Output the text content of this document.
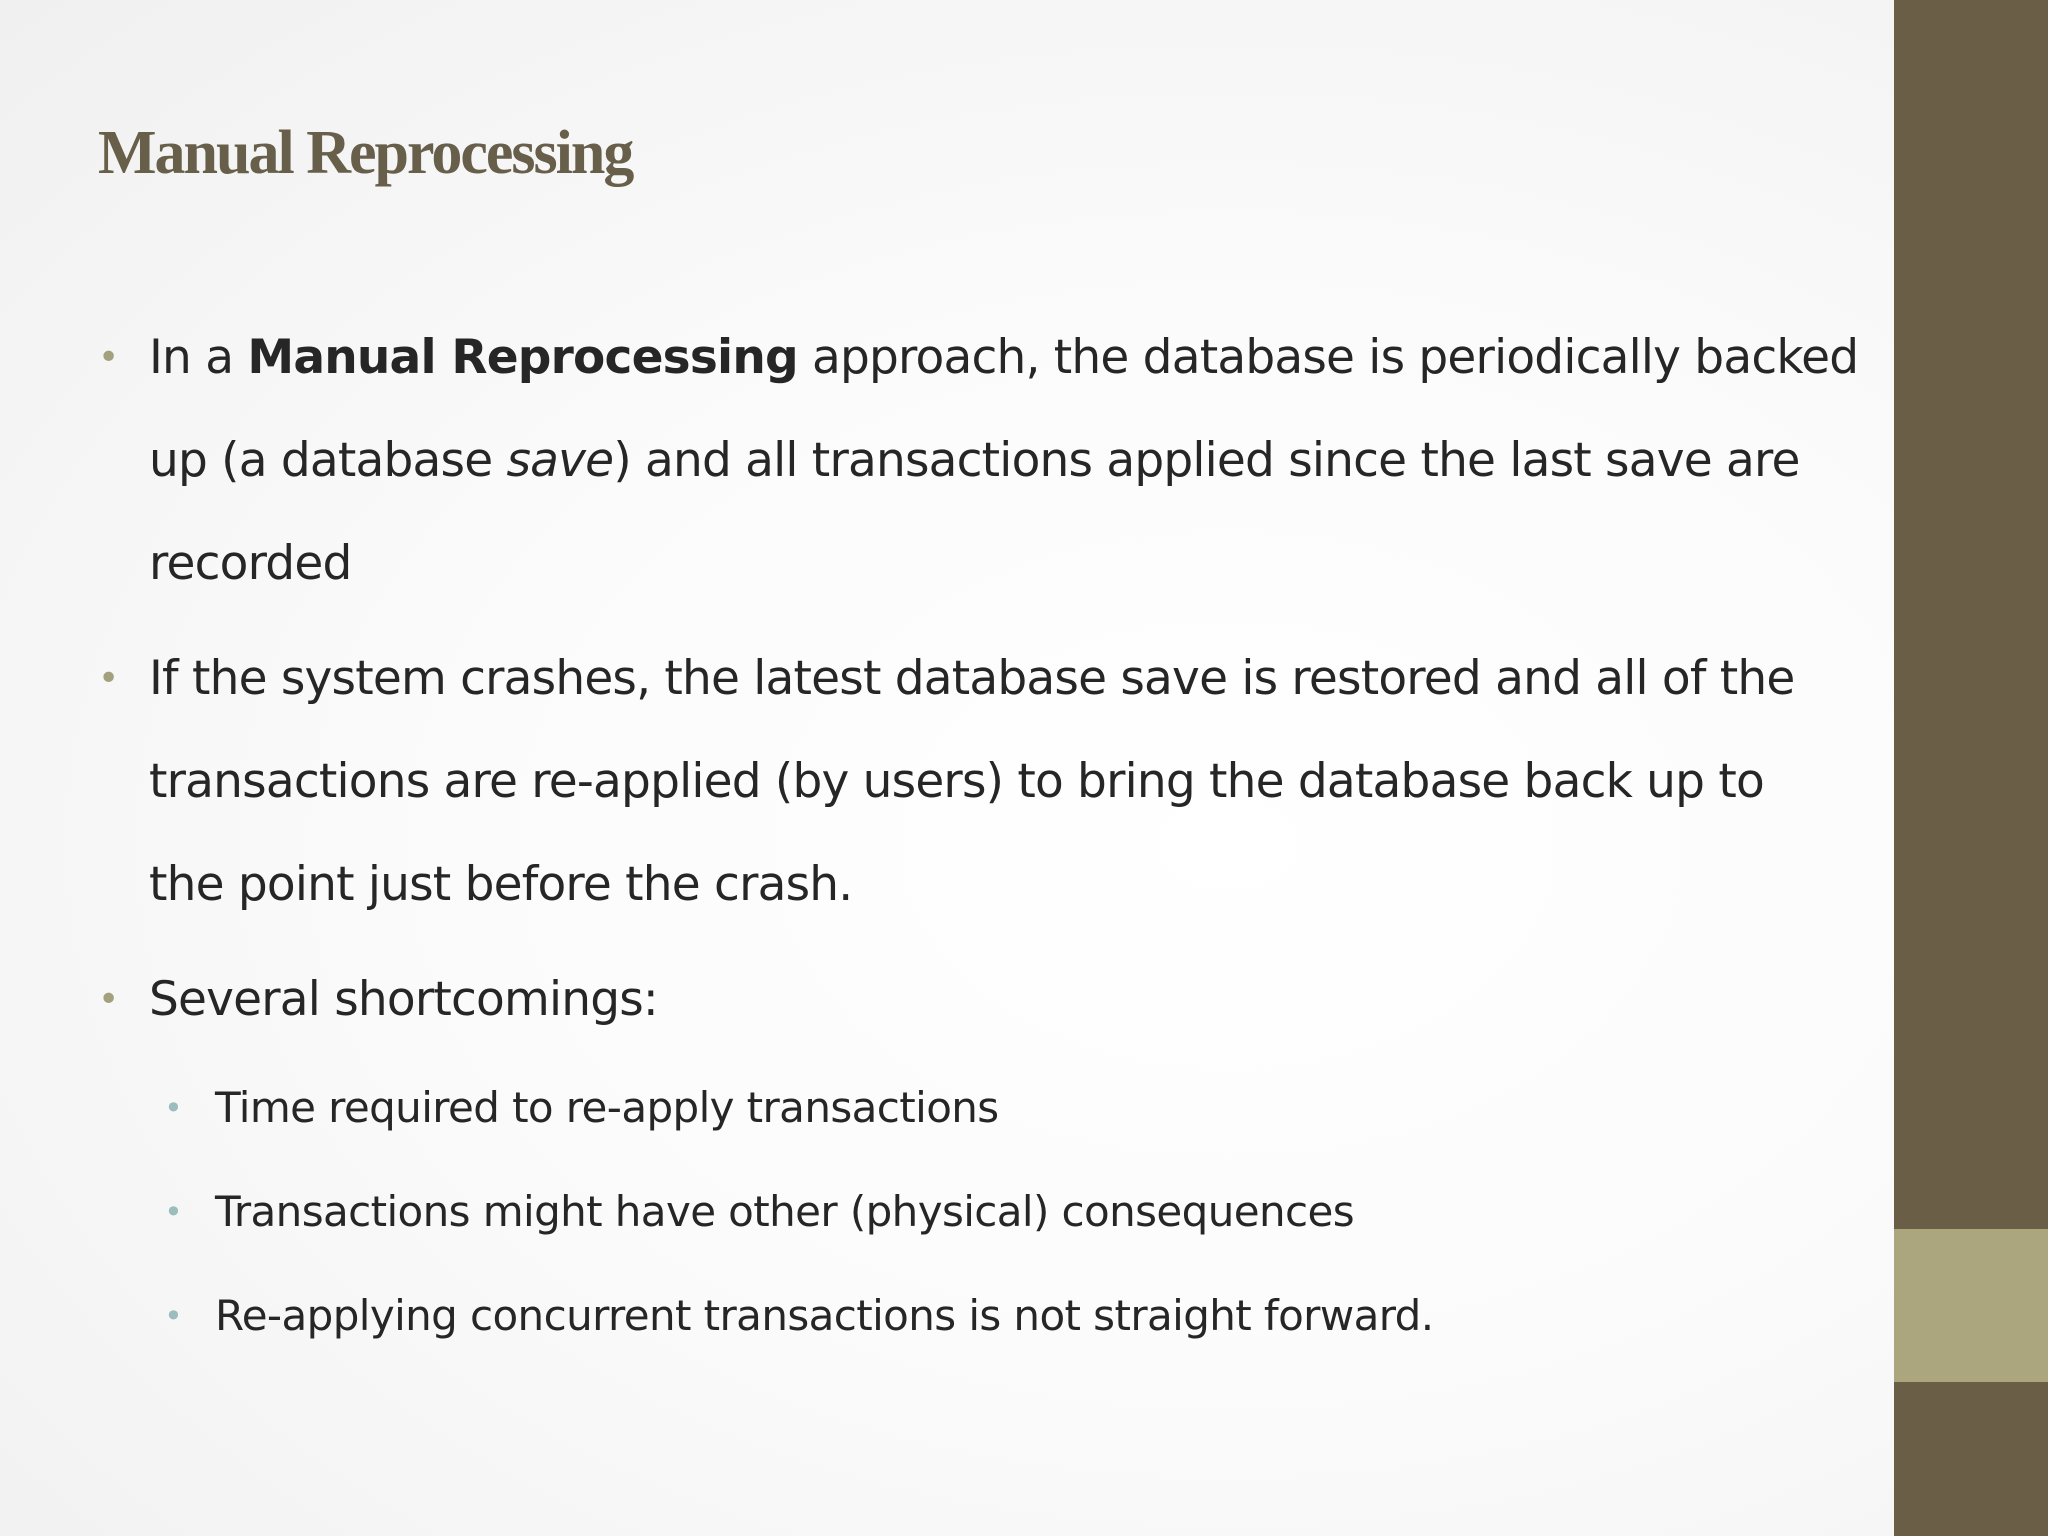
Manual Reprocessing
• In a Manual Reprocessing approach, the database is periodically backed
up (a database save) and all transactions applied since the last save are
recorded

• If the system crashes, the latest database save is restored and all of the
transactions are re-applied (by users) to bring the database back up to
the point just before the crash.

• Several shortcomings:

• Time required to re-apply transactions

• Transactions might have other (physical) consequences

• Re-applying concurrent transactions is not straight forward.
